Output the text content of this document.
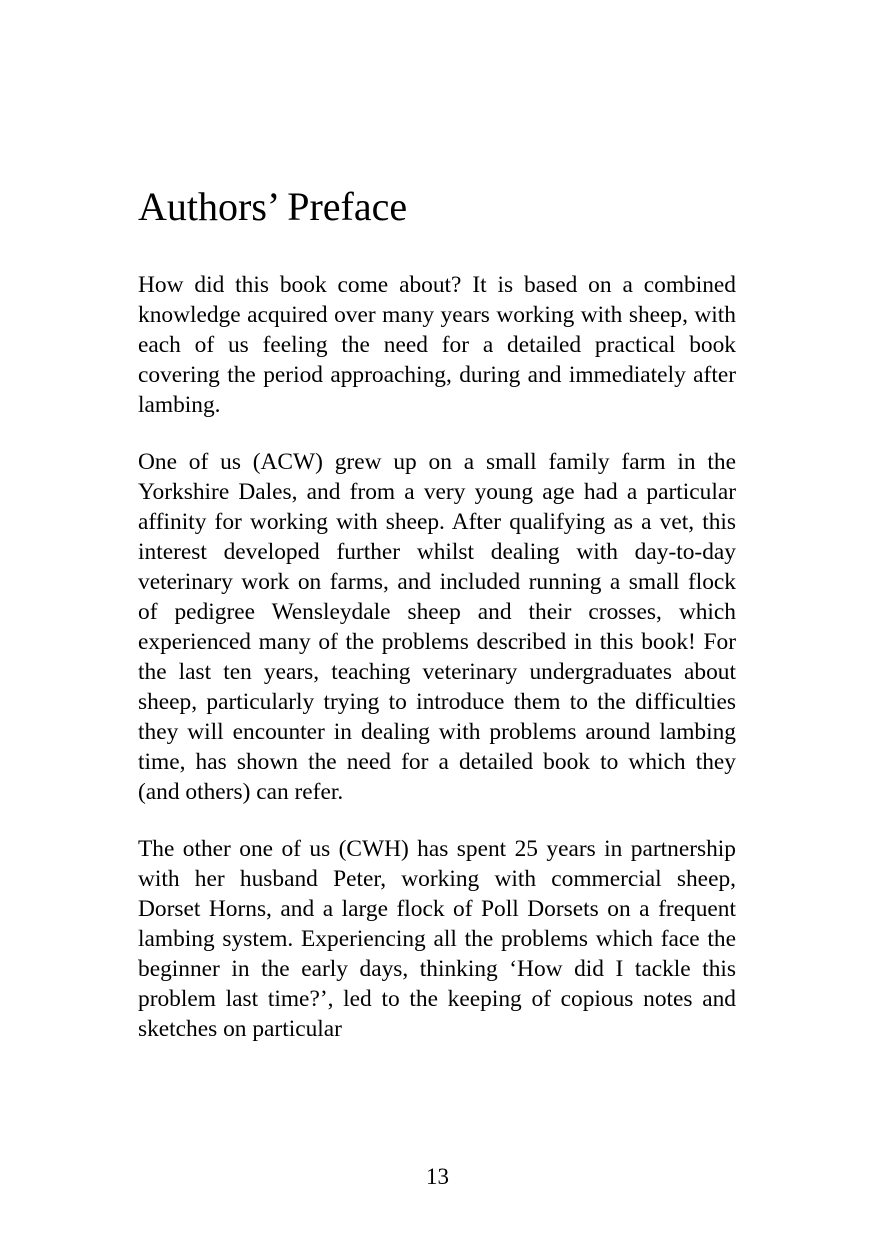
Authors’ Preface

How did this book come about? It is based on a combined knowledge acquired over many years working with sheep, with each of us feeling the need for a detailed practical book covering the period approaching, during and immediately after lambing.

One of us (ACW) grew up on a small family farm in the Yorkshire Dales, and from a very young age had a particular affinity for working with sheep. After qualifying as a vet, this interest developed further whilst dealing with day-to-day veterinary work on farms, and included running a small flock of pedigree Wensleydale sheep and their crosses, which experienced many of the problems described in this book! For the last ten years, teaching veterinary undergraduates about sheep, particularly trying to introduce them to the difficulties they will encounter in dealing with problems around lambing time, has shown the need for a detailed book to which they (and others) can refer.

The other one of us (CWH) has spent 25 years in partnership with her husband Peter, working with commercial sheep, Dorset Horns, and a large flock of Poll Dorsets on a frequent lambing system. Experiencing all the problems which face the beginner in the early days, thinking ‘How did I tackle this problem last time?’, led to the keeping of copious notes and sketches on particular

13
